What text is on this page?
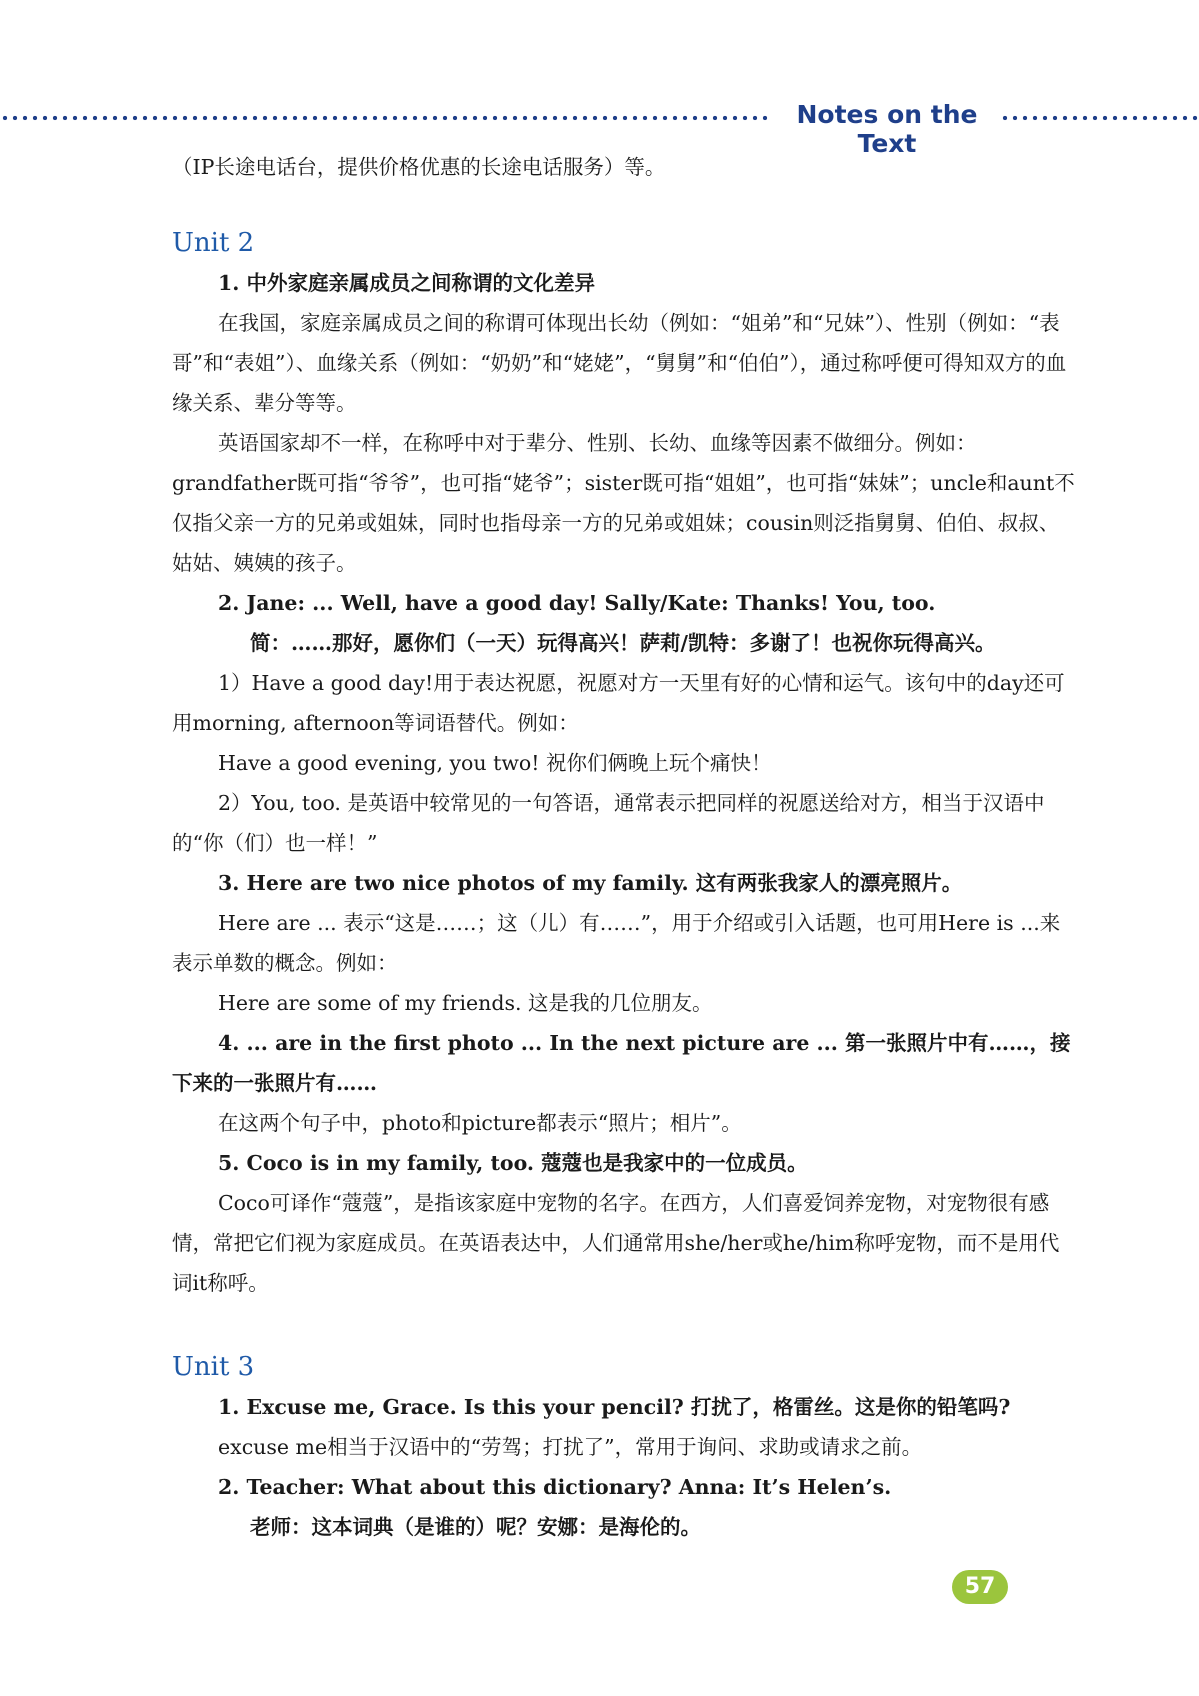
Notes on the Text

（IP长途电话台，提供价格优惠的长途电话服务）等。

Unit 2

1. 中外家庭亲属成员之间称谓的文化差异

在我国，家庭亲属成员之间的称谓可体现出长幼（例如：“姐弟”和“兄妹”）、性别（例如：“表哥”和“表姐”）、血缘关系（例如：“奶奶”和“姥姥”，“舅舅”和“伯伯”），通过称呼便可得知双方的血缘关系、辈分等等。

英语国家却不一样，在称呼中对于辈分、性别、长幼、血缘等因素不做细分。例如：grandfather既可指“爷爷”，也可指“姥爷”；sister既可指“姐姐”，也可指“妹妹”；uncle和aunt不仅指父亲一方的兄弟或姐妹，同时也指母亲一方的兄弟或姐妹；cousin则泛指舅舅、伯伯、叔叔、姑姑、姨姨的孩子。

2. Jane: ... Well, have a good day! Sally/Kate: Thanks! You, too.

简：……那好，愿你们（一天）玩得高兴！萨莉/凯特：多谢了！也祝你玩得高兴。

1）Have a good day!用于表达祝愿，祝愿对方一天里有好的心情和运气。该句中的day还可用morning, afternoon等词语替代。例如：

Have a good evening, you two! 祝你们俩晚上玩个痛快！

2）You, too. 是英语中较常见的一句答语，通常表示把同样的祝愿送给对方，相当于汉语中的“你（们）也一样！”

3. Here are two nice photos of my family. 这有两张我家人的漂亮照片。

Here are ... 表示“这是……；这（儿）有……”，用于介绍或引入话题，也可用Here is ...来表示单数的概念。例如：

Here are some of my friends. 这是我的几位朋友。

4. ... are in the first photo ... In the next picture are ... 第一张照片中有……，接下来的一张照片有……

在这两个句子中，photo和picture都表示“照片；相片”。

5. Coco is in my family, too. 蔻蔻也是我家中的一位成员。

Coco可译作“蔻蔻”，是指该家庭中宠物的名字。在西方，人们喜爱饲养宠物，对宠物很有感情，常把它们视为家庭成员。在英语表达中，人们通常用she/her或he/him称呼宠物，而不是用代词it称呼。

Unit 3

1. Excuse me, Grace. Is this your pencil? 打扰了，格雷丝。这是你的铅笔吗?

excuse me相当于汉语中的“劳驾；打扰了”，常用于询问、求助或请求之前。

2. Teacher: What about this dictionary? Anna: It’s Helen’s.

老师：这本词典（是谁的）呢？安娜：是海伦的。

57
